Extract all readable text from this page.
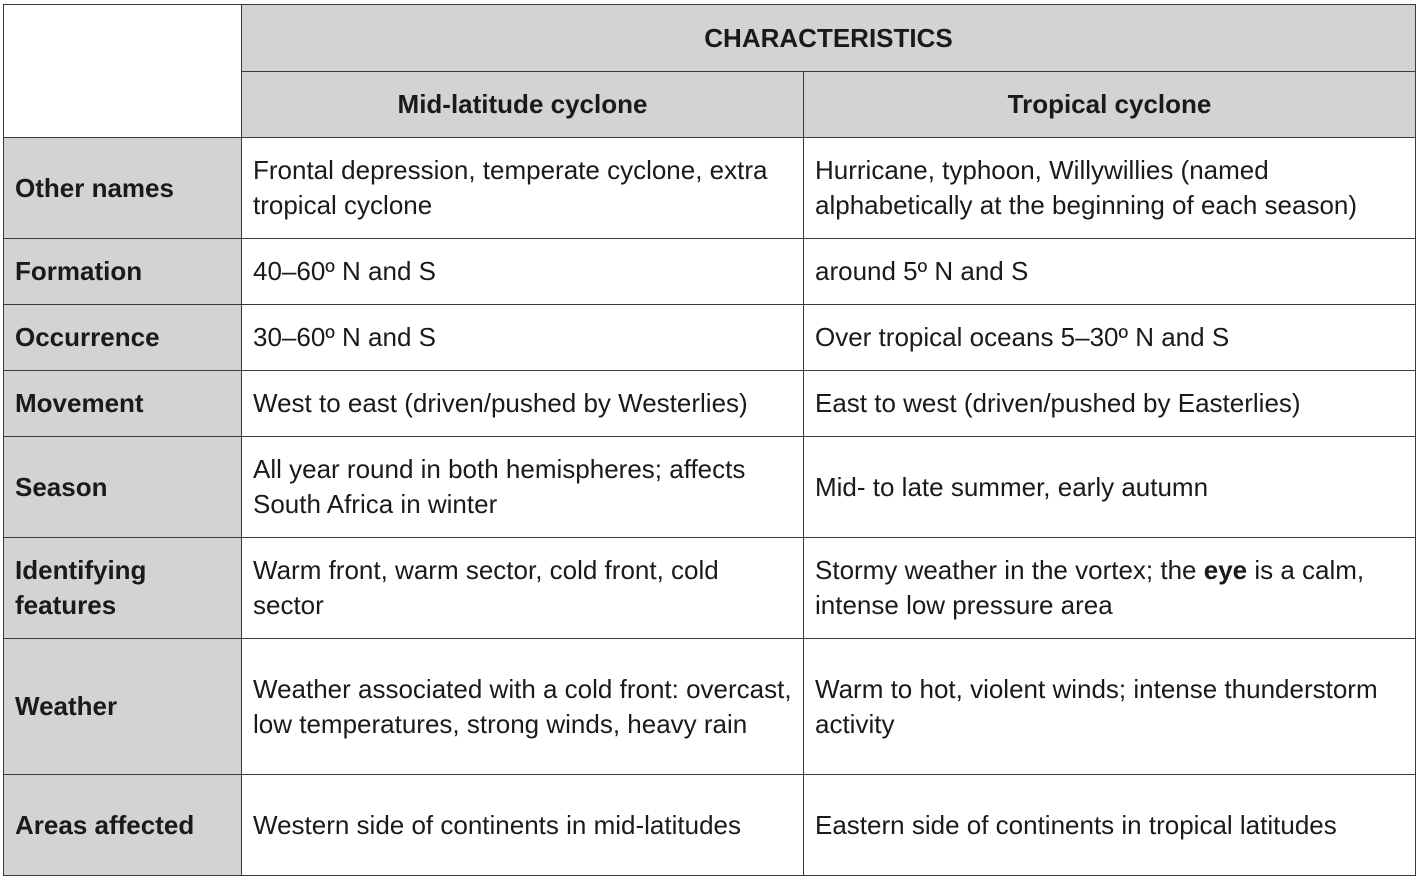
	CHARACTERISTICS	
	Mid-latitude cyclone	Tropical cyclone
Other names	Frontal depression, temperate cyclone, extra tropical cyclone	Hurricane, typhoon, Willywillies (named alphabetically at the beginning of each season)
Formation	40–60º N and S	around 5º N and S
Occurrence	30–60º N and S	Over tropical oceans 5–30º N and S
Movement	West to east (driven/pushed by Westerlies)	East to west (driven/pushed by Easterlies)
Season	All year round in both hemispheres; affects South Africa in winter	Mid- to late summer, early autumn
Identifying features	Warm front, warm sector, cold front, cold sector	Stormy weather in the vortex; the eye is a calm, intense low pressure area
Weather	Weather associated with a cold front: overcast, low temperatures, strong winds, heavy rain	Warm to hot, violent winds; intense thunderstorm activity
Areas affected	Western side of continents in mid-latitudes	Eastern side of continents in tropical latitudes
